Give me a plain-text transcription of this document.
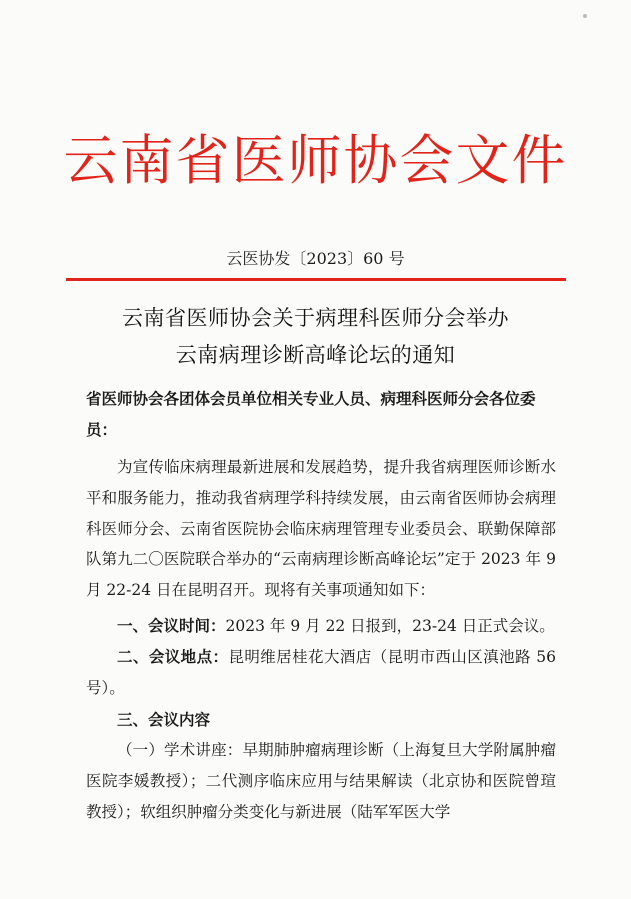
云南省医师协会文件
云医协发〔2023〕60 号
云南省医师协会关于病理科医师分会举办
云南病理诊断高峰论坛的通知
省医师协会各团体会员单位相关专业人员、病理科医师分会各位委员：
为宣传临床病理最新进展和发展趋势，提升我省病理医师诊断水平和服务能力，推动我省病理学科持续发展，由云南省医师协会病理科医师分会、云南省医院协会临床病理管理专业委员会、联勤保障部队第九二〇医院联合举办的“云南病理诊断高峰论坛”定于 2023 年 9 月 22-24 日在昆明召开。现将有关事项通知如下：
一、会议时间：2023 年 9 月 22 日报到，23-24 日正式会议。
二、会议地点：昆明维居桂花大酒店（昆明市西山区滇池路 56 号）。
三、会议内容
（一）学术讲座：早期肺肿瘤病理诊断（上海复旦大学附属肿瘤医院李媛教授）；二代测序临床应用与结果解读（北京协和医院曾瑄教授）；软组织肿瘤分类变化与新进展（陆军军医大学
